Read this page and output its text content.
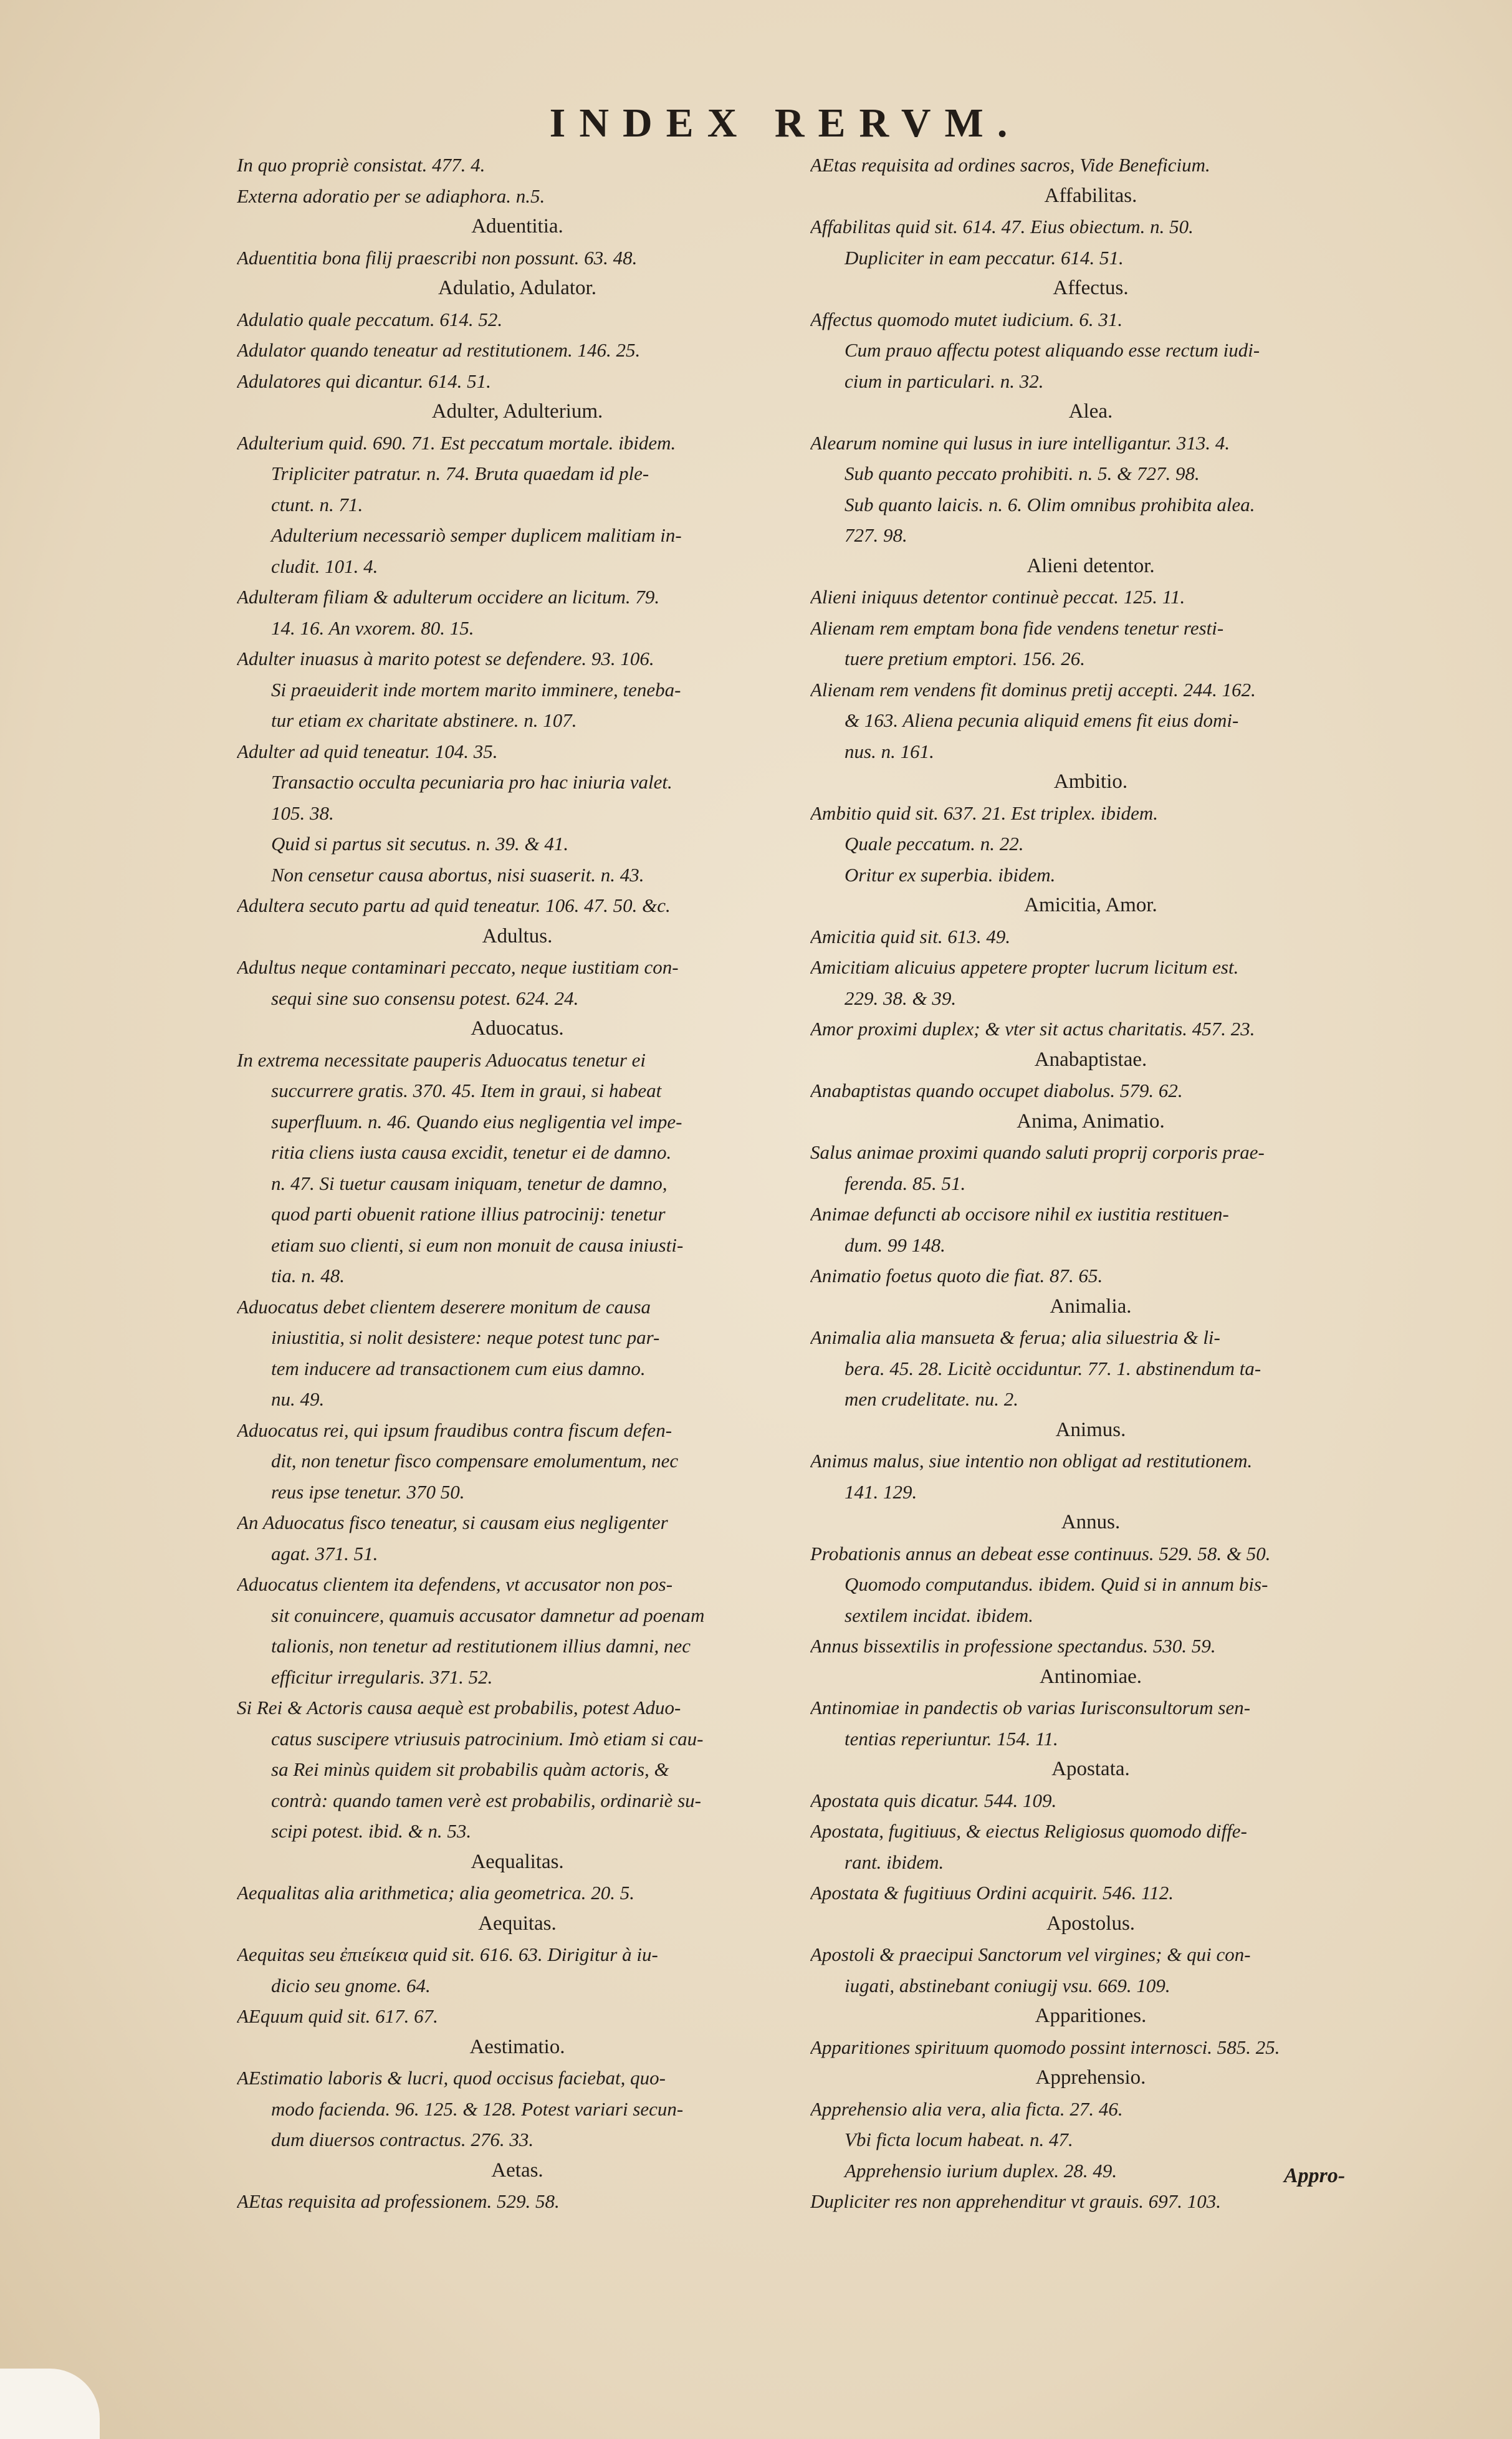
INDEX RERVM.
In quo propriè consistat. 477. 4.
Externa adoratio per se adiaphora. n.5.
Aduentitia.
Aduentitia bona filij praescribi non possunt. 63. 48.
Adulatio, Adulator.
Adulatio quale peccatum. 614. 52.
Adulator quando teneatur ad restitutionem. 146. 25.
Adulatores qui dicantur. 614. 51.
Adulter, Adulterium.
Adulterium quid. 690. 71. Est peccatum mortale. ibidem.
Tripliciter patratur. n. 74. Bruta quaedam id ple-
ctunt. n. 71.
Adulterium necessariò semper duplicem malitiam in-
cludit. 101. 4.
Adulteram filiam & adulterum occidere an licitum. 79.
14. 16. An vxorem. 80. 15.
Adulter inuasus à marito potest se defendere. 93. 106.
Si praeuiderit inde mortem marito imminere, teneba-
tur etiam ex charitate abstinere. n. 107.
Adulter ad quid teneatur. 104. 35.
Transactio occulta pecuniaria pro hac iniuria valet.
105. 38.
Quid si partus sit secutus. n. 39. & 41.
Non censetur causa abortus, nisi suaserit. n. 43.
Adultera secuto partu ad quid teneatur. 106. 47. 50. &c.
Adultus.
Adultus neque contaminari peccato, neque iustitiam con-
sequi sine suo consensu potest. 624. 24.
Aduocatus.
In extrema necessitate pauperis Aduocatus tenetur ei
succurrere gratis. 370. 45. Item in graui, si habeat
superfluum. n. 46. Quando eius negligentia vel impe-
ritia cliens iusta causa excidit, tenetur ei de damno.
n. 47. Si tuetur causam iniquam, tenetur de damno,
quod parti obuenit ratione illius patrocinij: tenetur
etiam suo clienti, si eum non monuit de causa iniusti-
tia. n. 48.
Aduocatus debet clientem deserere monitum de causa
iniustitia, si nolit desistere: neque potest tunc par-
tem inducere ad transactionem cum eius damno.
nu. 49.
Aduocatus rei, qui ipsum fraudibus contra fiscum defen-
dit, non tenetur fisco compensare emolumentum, nec
reus ipse tenetur. 370 50.
An Aduocatus fisco teneatur, si causam eius negligenter
agat. 371. 51.
Aduocatus clientem ita defendens, vt accusator non pos-
sit conuincere, quamuis accusator damnetur ad poenam
talionis, non tenetur ad restitutionem illius damni, nec
efficitur irregularis. 371. 52.
Si Rei & Actoris causa aequè est probabilis, potest Aduo-
catus suscipere vtriusuis patrocinium. Imò etiam si cau-
sa Rei minùs quidem sit probabilis quàm actoris, &
contrà: quando tamen verè est probabilis, ordinariè su-
scipi potest. ibid. & n. 53.
Aequalitas.
Aequalitas alia arithmetica; alia geometrica. 20. 5.
Aequitas.
Aequitas seu ἐπιείκεια quid sit. 616. 63. Dirigitur à iu-
dicio seu gnome. 64.
AEquum quid sit. 617. 67.
Aestimatio.
AEstimatio laboris & lucri, quod occisus faciebat, quo-
modo facienda. 96. 125. & 128. Potest variari secun-
dum diuersos contractus. 276. 33.
Aetas.
AEtas requisita ad professionem. 529. 58.
AEtas requisita ad ordines sacros, Vide Beneficium.
Affabilitas.
Affabilitas quid sit. 614. 47. Eius obiectum. n. 50.
Dupliciter in eam peccatur. 614. 51.
Affectus.
Affectus quomodo mutet iudicium. 6. 31.
Cum prauo affectu potest aliquando esse rectum iudi-
cium in particulari. n. 32.
Alea.
Alearum nomine qui lusus in iure intelligantur. 313. 4.
Sub quanto peccato prohibiti. n. 5. & 727. 98.
Sub quanto laicis. n. 6. Olim omnibus prohibita alea.
727. 98.
Alieni detentor.
Alieni iniquus detentor continuè peccat. 125. 11.
Alienam rem emptam bona fide vendens tenetur resti-
tuere pretium emptori. 156. 26.
Alienam rem vendens fit dominus pretij accepti. 244. 162.
& 163. Aliena pecunia aliquid emens fit eius domi-
nus. n. 161.
Ambitio.
Ambitio quid sit. 637. 21. Est triplex. ibidem.
Quale peccatum. n. 22.
Oritur ex superbia. ibidem.
Amicitia, Amor.
Amicitia quid sit. 613. 49.
Amicitiam alicuius appetere propter lucrum licitum est.
229. 38. & 39.
Amor proximi duplex; & vter sit actus charitatis. 457. 23.
Anabaptistae.
Anabaptistas quando occupet diabolus. 579. 62.
Anima, Animatio.
Salus animae proximi quando saluti proprij corporis prae-
ferenda. 85. 51.
Animae defuncti ab occisore nihil ex iustitia restituen-
dum. 99 148.
Animatio foetus quoto die fiat. 87. 65.
Animalia.
Animalia alia mansueta & ferua; alia siluestria & li-
bera. 45. 28. Licitè occiduntur. 77. 1. abstinendum ta-
men crudelitate. nu. 2.
Animus.
Animus malus, siue intentio non obligat ad restitutionem.
141. 129.
Annus.
Probationis annus an debeat esse continuus. 529. 58. & 50.
Quomodo computandus. ibidem. Quid si in annum bis-
sextilem incidat. ibidem.
Annus bissextilis in professione spectandus. 530. 59.
Antinomiae.
Antinomiae in pandectis ob varias Iurisconsultorum sen-
tentias reperiuntur. 154. 11.
Apostata.
Apostata quis dicatur. 544. 109.
Apostata, fugitiuus, & eiectus Religiosus quomodo diffe-
rant. ibidem.
Apostata & fugitiuus Ordini acquirit. 546. 112.
Apostolus.
Apostoli & praecipui Sanctorum vel virgines; & qui con-
iugati, abstinebant coniugij vsu. 669. 109.
Apparitiones.
Apparitiones spirituum quomodo possint internosci. 585. 25.
Apprehensio.
Apprehensio alia vera, alia ficta. 27. 46.
Vbi ficta locum habeat. n. 47.
Apprehensio iurium duplex. 28. 49.
Dupliciter res non apprehenditur vt grauis. 697. 103.
Appro-
